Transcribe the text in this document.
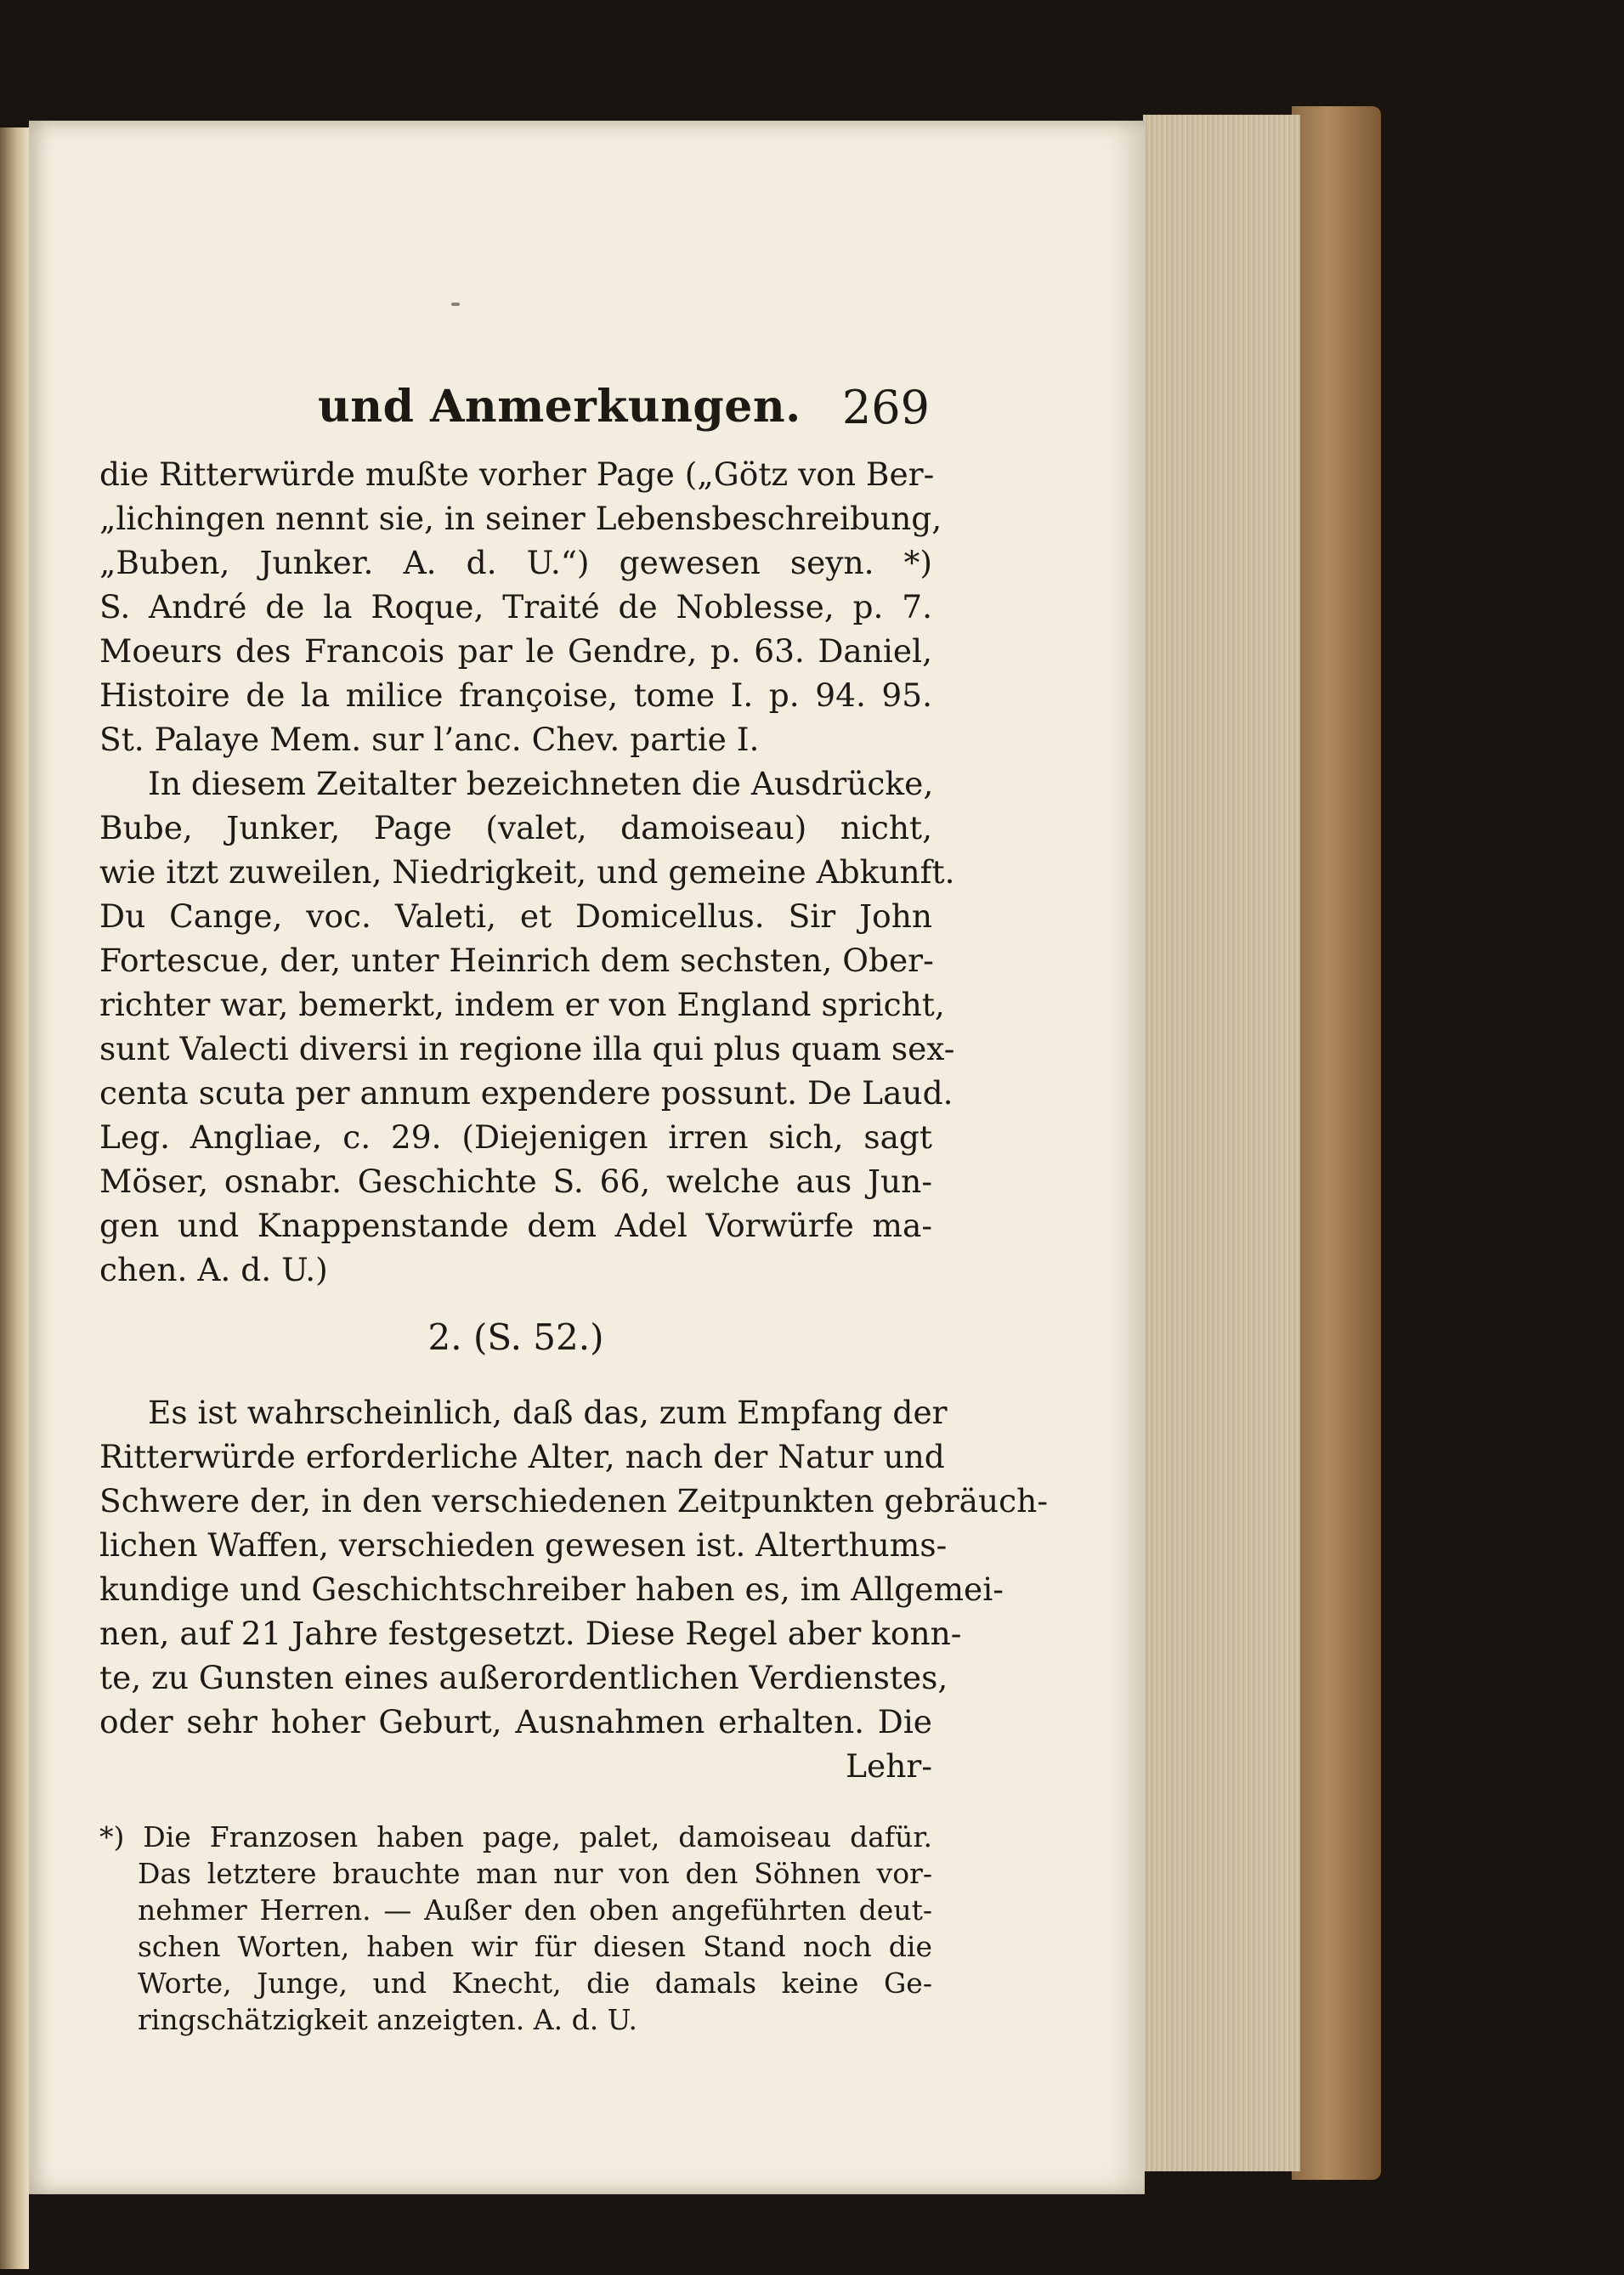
und Anmerkungen. 269
die Ritterwürde mußte vorher Page („Götz von Ber-
„lichingen nennt sie, in seiner Lebensbeschreibung,
„Buben, Junker. A. d. U.“) gewesen seyn. *)
S. André de la Roque, Traité de Noblesse, p. 7.
Moeurs des Francois par le Gendre, p. 63. Daniel,
Histoire de la milice françoise, tome I. p. 94. 95.
St. Palaye Mem. sur l’anc. Chev. partie I.
In diesem Zeitalter bezeichneten die Ausdrücke,
Bube, Junker, Page (valet, damoiseau) nicht,
wie itzt zuweilen, Niedrigkeit, und gemeine Abkunft.
Du Cange, voc. Valeti, et Domicellus. Sir John
Fortescue, der, unter Heinrich dem sechsten, Ober-
richter war, bemerkt, indem er von England spricht,
sunt Valecti diversi in regione illa qui plus quam sex-
centa scuta per annum expendere possunt. De Laud.
Leg. Angliae, c. 29. (Diejenigen irren sich, sagt
Möser, osnabr. Geschichte S. 66, welche aus Jun-
gen und Knappenstande dem Adel Vorwürfe ma-
chen. A. d. U.)
2. (S. 52.)
Es ist wahrscheinlich, daß das, zum Empfang der
Ritterwürde erforderliche Alter, nach der Natur und
Schwere der, in den verschiedenen Zeitpunkten gebräuch-
lichen Waffen, verschieden gewesen ist. Alterthums-
kundige und Geschichtschreiber haben es, im Allgemei-
nen, auf 21 Jahre festgesetzt. Diese Regel aber konn-
te, zu Gunsten eines außerordentlichen Verdienstes,
oder sehr hoher Geburt, Ausnahmen erhalten. Die
Lehr-
*) Die Franzosen haben page, palet, damoiseau dafür.
Das letztere brauchte man nur von den Söhnen vor-
nehmer Herren. — Außer den oben angeführten deut-
schen Worten, haben wir für diesen Stand noch die
Worte, Junge, und Knecht, die damals keine Ge-
ringschätzigkeit anzeigten. A. d. U.
